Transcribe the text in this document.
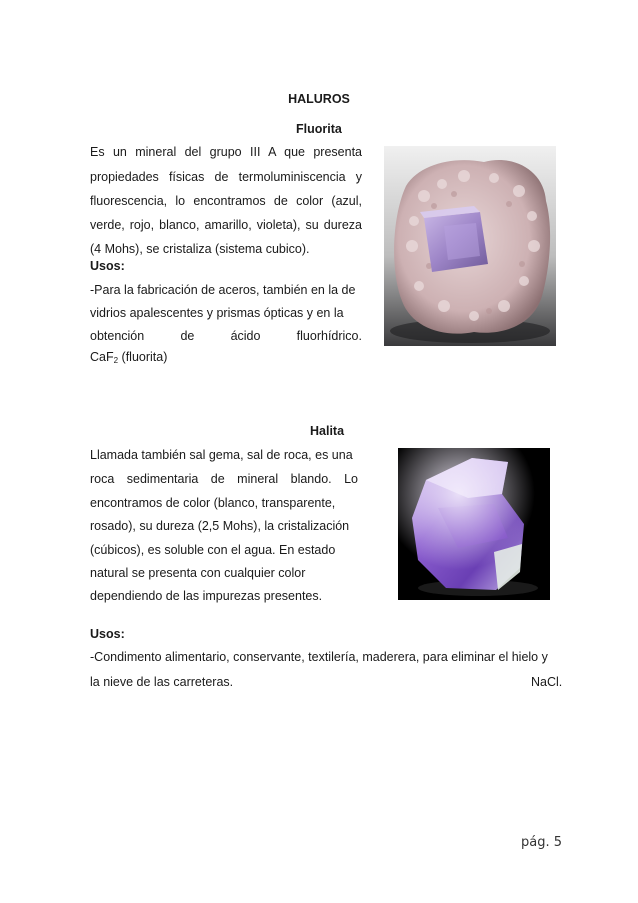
HALUROS
Fluorita
Es un mineral del grupo III A que presenta
propiedades físicas de termoluminiscencia y
fluorescencia, lo encontramos de color (azul,
verde, rojo, blanco, amarillo, violeta), su dureza
(4 Mohs), se cristaliza (sistema cubico).
Usos:
-Para la fabricación de aceros, también en la de
vidrios apalescentes y prismas ópticas y en la
obtención	de	ácido	fluorhídrico.
CaF$_2$ (fluorita)
Halita
Llamada también sal gema, sal de roca, es una
roca sedimentaria de mineral blando. Lo
encontramos de color (blanco, transparente,
rosado), su dureza (2,5 Mohs), la cristalización
(cúbicos), es soluble con el agua. En estado
natural se presenta con cualquier color
dependiendo de las impurezas presentes.
Usos:
-Condimento alimentario, conservante, textilería, maderera, para eliminar el hielo y
la nieve de las carreteras.	NaCl.
pág. 5
